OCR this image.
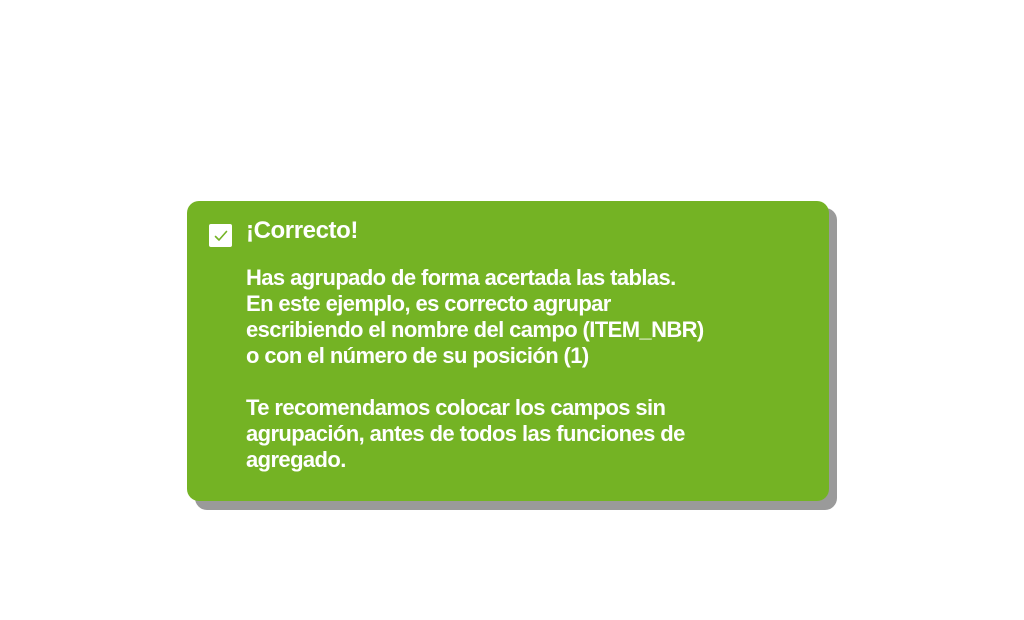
¡Correcto!
Has agrupado de forma acertada las tablas.
En este ejemplo, es correcto agrupar
escribiendo el nombre del campo (ITEM_NBR)
o con el número de su posición (1)
Te recomendamos colocar los campos sin
agrupación, antes de todos las funciones de
agregado.
